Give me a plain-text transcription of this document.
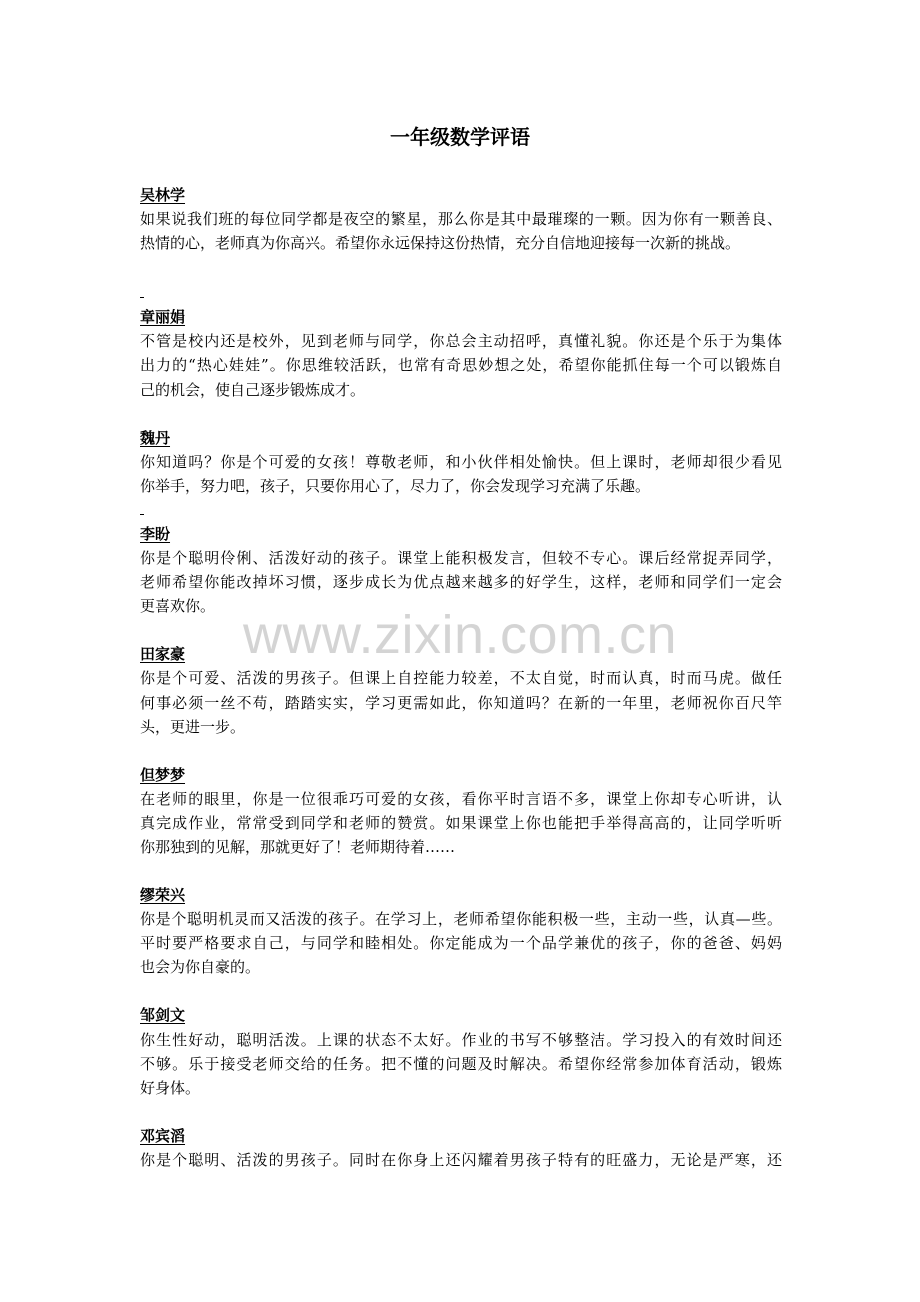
一年级数学评语
吴林学
如果说我们班的每位同学都是夜空的繁星，那么你是其中最璀璨的一颗。因为你有一颗善良、
热情的心，老师真为你高兴。希望你永远保持这份热情，充分自信地迎接每一次新的挑战。
章丽娟
不管是校内还是校外，见到老师与同学，你总会主动招呼，真懂礼貌。你还是个乐于为集体
出力的“热心娃娃”。你思维较活跃，也常有奇思妙想之处，希望你能抓住每一个可以锻炼自
己的机会，使自己逐步锻炼成才。
魏丹
你知道吗？你是个可爱的女孩！尊敬老师，和小伙伴相处愉快。但上课时，老师却很少看见
你举手，努力吧，孩子，只要你用心了，尽力了，你会发现学习充满了乐趣。
李盼
你是个聪明伶俐、活泼好动的孩子。课堂上能积极发言，但较不专心。课后经常捉弄同学，
老师希望你能改掉坏习惯，逐步成长为优点越来越多的好学生，这样，老师和同学们一定会
更喜欢你。
田家豪
你是个可爱、活泼的男孩子。但课上自控能力较差，不太自觉，时而认真，时而马虎。做任
何事必须一丝不苟，踏踏实实，学习更需如此，你知道吗？在新的一年里，老师祝你百尺竿
头，更进一步。
但梦梦
在老师的眼里，你是一位很乖巧可爱的女孩，看你平时言语不多，课堂上你却专心听讲，认
真完成作业，常常受到同学和老师的赞赏。如果课堂上你也能把手举得高高的，让同学听听
你那独到的见解，那就更好了！老师期待着……
缪荣兴
你是个聪明机灵而又活泼的孩子。在学习上，老师希望你能积极一些，主动一些，认真—些。
平时要严格要求自己，与同学和睦相处。你定能成为一个品学兼优的孩子，你的爸爸、妈妈
也会为你自豪的。
邹剑文
你生性好动，聪明活泼。上课的状态不太好。作业的书写不够整洁。学习投入的有效时间还
不够。乐于接受老师交给的任务。把不懂的问题及时解决。希望你经常参加体育活动，锻炼
好身体。
邓宾滔
你是个聪明、活泼的男孩子。同时在你身上还闪耀着男孩子特有的旺盛力，无论是严寒，还
www.zixin.com.cn
